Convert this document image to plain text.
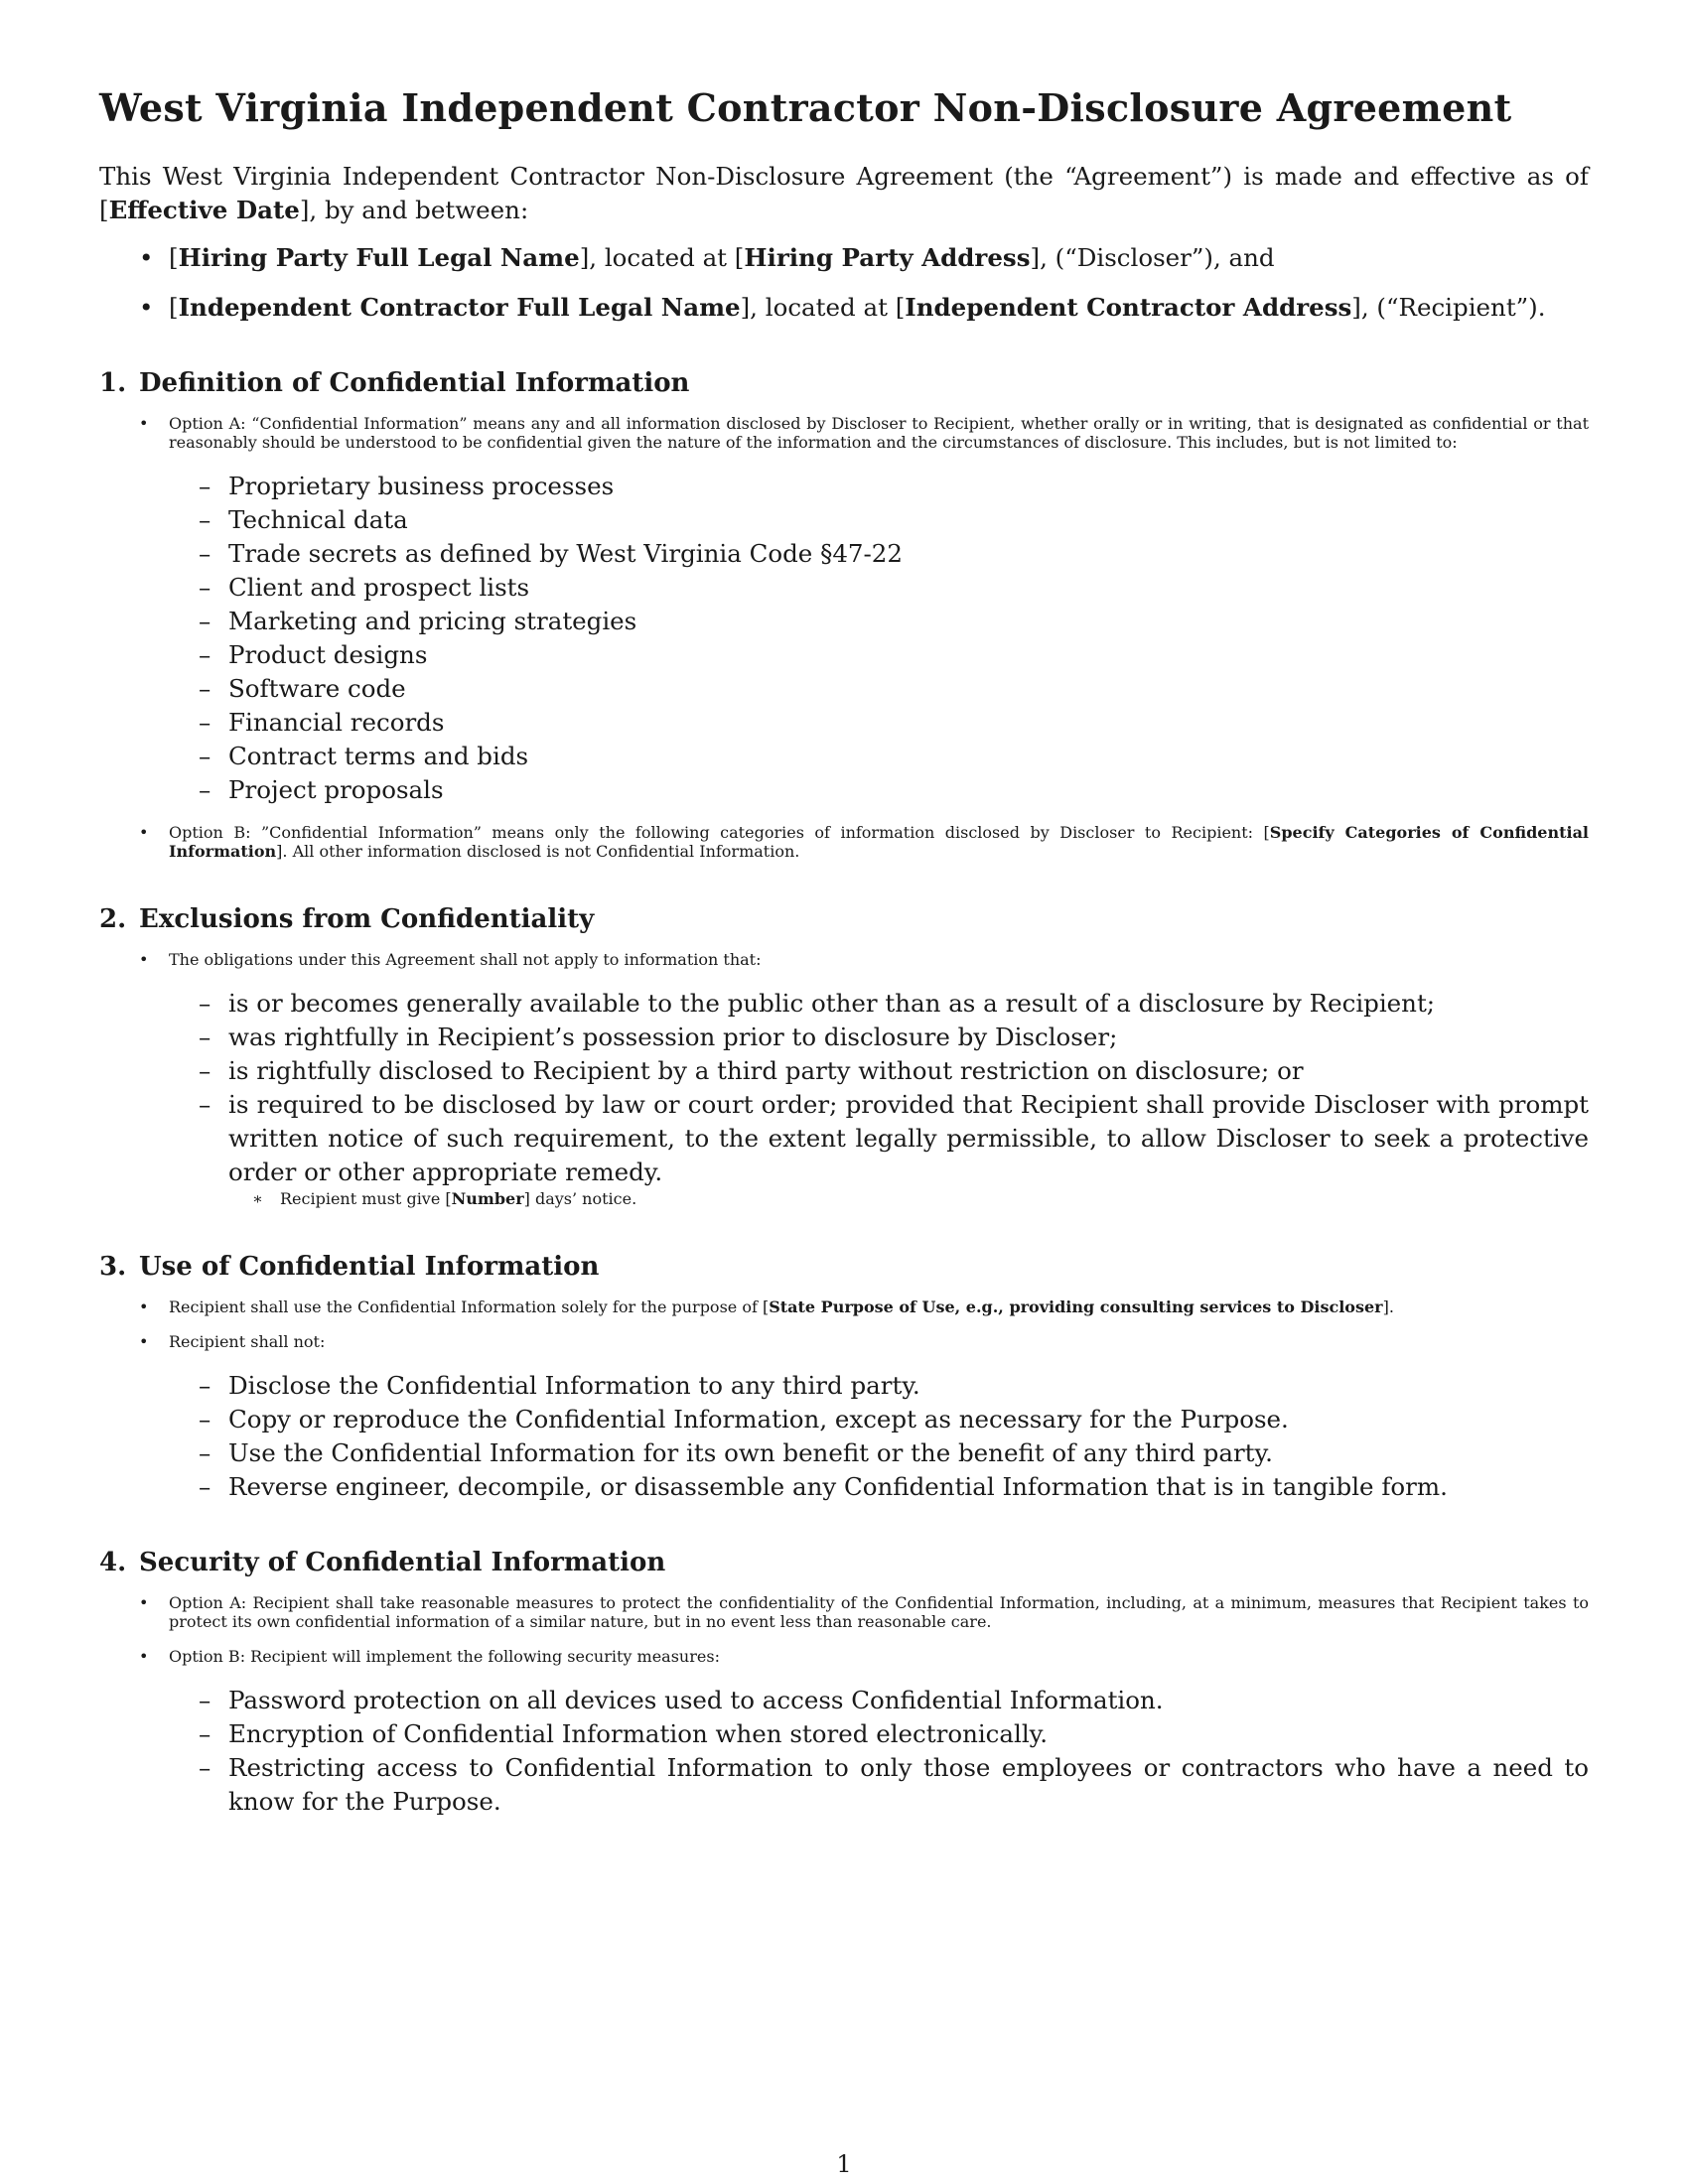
West Virginia Independent Contractor Non-Disclosure Agreement

This West Virginia Independent Contractor Non-Disclosure Agreement (the “Agreement”) is made and effective as of [Effective Date], by and between:

• [Hiring Party Full Legal Name], located at [Hiring Party Address], (“Discloser”), and
• [Independent Contractor Full Legal Name], located at [Independent Contractor Address], (“Recipient”).
1. Definition of Confidential Information
• Option A: “Confidential Information” means any and all information disclosed by Discloser to Recipient, whether orally or in writing, that is designated as confidential or that reasonably should be understood to be confidential given the nature of the information and the circumstances of disclosure. This includes, but is not limited to:
– Proprietary business processes
– Technical data
– Trade secrets as defined by West Virginia Code §47-22
– Client and prospect lists
– Marketing and pricing strategies
– Product designs
– Software code
– Financial records
– Contract terms and bids
– Project proposals
• Option B: ”Confidential Information” means only the following categories of information disclosed by Discloser to Recipient: [Specify Categories of Confidential Information]. All other information disclosed is not Confidential Information.
2. Exclusions from Confidentiality
• The obligations under this Agreement shall not apply to information that:
– is or becomes generally available to the public other than as a result of a disclosure by Recipient;
– was rightfully in Recipient’s possession prior to disclosure by Discloser;
– is rightfully disclosed to Recipient by a third party without restriction on disclosure; or
– is required to be disclosed by law or court order; provided that Recipient shall provide Discloser with prompt written notice of such requirement, to the extent legally permissible, to allow Discloser to seek a protective order or other appropriate remedy.
∗ Recipient must give [Number] days’ notice.
3. Use of Confidential Information
• Recipient shall use the Confidential Information solely for the purpose of [State Purpose of Use, e.g., providing consulting services to Discloser].
• Recipient shall not:
– Disclose the Confidential Information to any third party.
– Copy or reproduce the Confidential Information, except as necessary for the Purpose.
– Use the Confidential Information for its own benefit or the benefit of any third party.
– Reverse engineer, decompile, or disassemble any Confidential Information that is in tangible form.
4. Security of Confidential Information
• Option A: Recipient shall take reasonable measures to protect the confidentiality of the Confidential Information, including, at a minimum, measures that Recipient takes to protect its own confidential information of a similar nature, but in no event less than reasonable care.
• Option B: Recipient will implement the following security measures:
– Password protection on all devices used to access Confidential Information.
– Encryption of Confidential Information when stored electronically.
– Restricting access to Confidential Information to only those employees or contractors who have a need to know for the Purpose.
1
